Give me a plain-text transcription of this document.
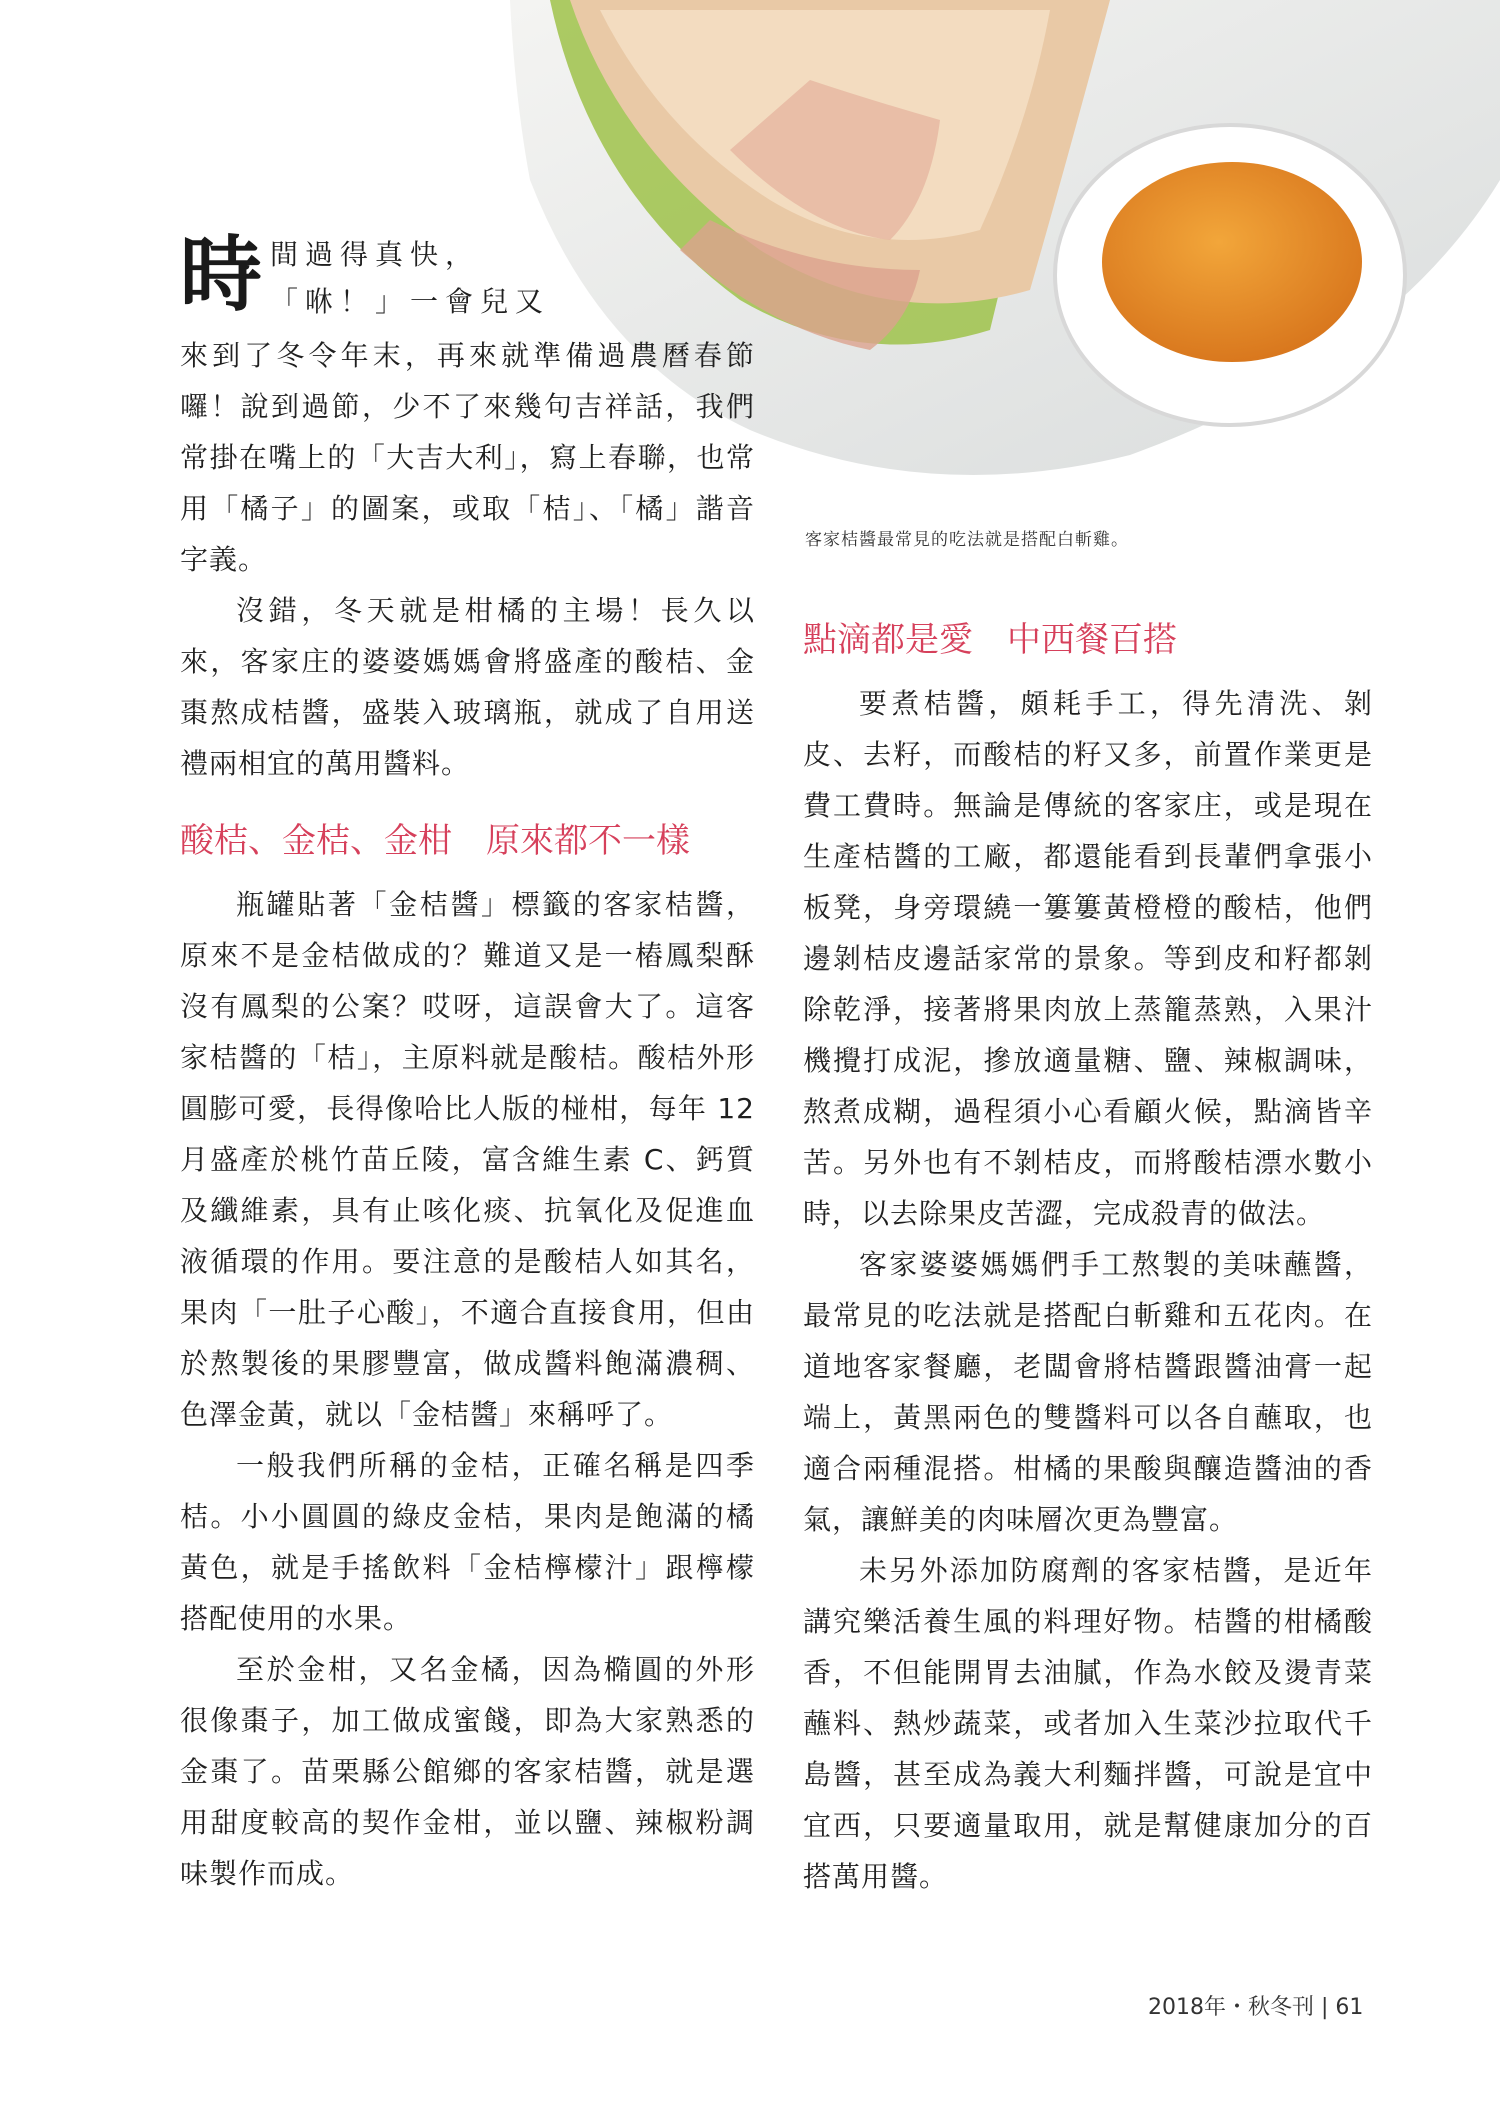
客家桔醬最常見的吃法就是搭配白斬雞。
時 間過得真快，
「咻！」一會兒又

來到了冬令年末，再來就準備過農曆春節囉！說到過節，少不了來幾句吉祥話，我們常掛在嘴上的「大吉大利」，寫上春聯，也常用「橘子」的圖案，或取「桔」、「橘」諧音字義。

沒錯，冬天就是柑橘的主場！長久以來，客家庄的婆婆媽媽會將盛產的酸桔、金棗熬成桔醬，盛裝入玻璃瓶，就成了自用送禮兩相宜的萬用醬料。

酸桔、金桔、金柑　原來都不一樣

瓶罐貼著「金桔醬」標籤的客家桔醬，原來不是金桔做成的？難道又是一樁鳳梨酥沒有鳳梨的公案？哎呀，這誤會大了。這客家桔醬的「桔」，主原料就是酸桔。酸桔外形圓膨可愛，長得像哈比人版的椪柑，每年 12 月盛產於桃竹苗丘陵，富含維生素 C、鈣質及纖維素，具有止咳化痰、抗氧化及促進血液循環的作用。要注意的是酸桔人如其名，果肉「一肚子心酸」，不適合直接食用，但由於熬製後的果膠豐富，做成醬料飽滿濃稠、色澤金黃，就以「金桔醬」來稱呼了。

一般我們所稱的金桔，正確名稱是四季桔。小小圓圓的綠皮金桔，果肉是飽滿的橘黃色，就是手搖飲料「金桔檸檬汁」跟檸檬搭配使用的水果。

至於金柑，又名金橘，因為橢圓的外形很像棗子，加工做成蜜餞，即為大家熟悉的金棗了。苗栗縣公館鄉的客家桔醬，就是選用甜度較高的契作金柑，並以鹽、辣椒粉調味製作而成。

點滴都是愛　中西餐百搭

要煮桔醬，頗耗手工，得先清洗、剝皮、去籽，而酸桔的籽又多，前置作業更是費工費時。無論是傳統的客家庄，或是現在生產桔醬的工廠，都還能看到長輩們拿張小板凳，身旁環繞一簍簍黃橙橙的酸桔，他們邊剝桔皮邊話家常的景象。等到皮和籽都剝除乾淨，接著將果肉放上蒸籠蒸熟，入果汁機攪打成泥，摻放適量糖、鹽、辣椒調味，熬煮成糊，過程須小心看顧火候，點滴皆辛苦。另外也有不剝桔皮，而將酸桔漂水數小時，以去除果皮苦澀，完成殺青的做法。

客家婆婆媽媽們手工熬製的美味蘸醬，最常見的吃法就是搭配白斬雞和五花肉。在道地客家餐廳，老闆會將桔醬跟醬油膏一起端上，黃黑兩色的雙醬料可以各自蘸取，也適合兩種混搭。柑橘的果酸與釀造醬油的香氣，讓鮮美的肉味層次更為豐富。

未另外添加防腐劑的客家桔醬，是近年講究樂活養生風的料理好物。桔醬的柑橘酸香，不但能開胃去油膩，作為水餃及燙青菜蘸料、熱炒蔬菜，或者加入生菜沙拉取代千島醬，甚至成為義大利麵拌醬，可說是宜中宜西，只要適量取用，就是幫健康加分的百搭萬用醬。

2018年・秋冬刊 | 61
